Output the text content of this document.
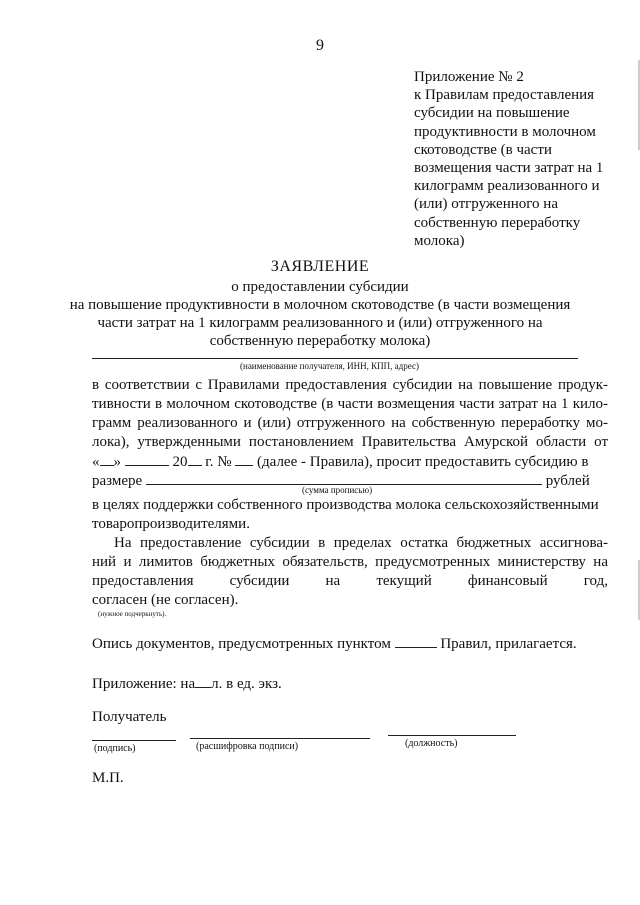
9
Приложение № 2
к Правилам предоставления
субсидии на повышение
продуктивности в молочном
скотоводстве (в части
возмещения части затрат на 1
килограмм реализованного и
(или) отгруженного на
собственную переработку
молока)
ЗАЯВЛЕНИЕ
о предоставлении субсидии
на повышение продуктивности в молочном скотоводстве (в части возмещения
части затрат на 1 килограмм реализованного и (или) отгруженного на
собственную переработку молока)
(наименование получателя, ИНН, КПП, адрес)
в соответствии с Правилами предоставления субсидии на повышение продук-
тивности в молочном скотоводстве (в части возмещения части затрат на 1 кило-
грамм реализованного и (или) отгруженного на собственную переработку мо-
лока), утвержденными постановлением Правительства Амурской области от
« »	20 г. № (далее - Правила), просит предоставить субсидию в
размере	рублей
(сумма прописью)
в целях поддержки собственного производства молока сельскохозяйственными
товаропроизводителями.
На предоставление субсидии в пределах остатка бюджетных ассигнова-
ний и лимитов бюджетных обязательств, предусмотренных министерству на
предоставления субсидии на текущий финансовый год,
согласен (не согласен).
(нужное подчеркнуть).
Опись документов, предусмотренных пунктом	Правил, прилагается.
Приложение: на л. в ед. экз.
Получатель
(подпись)	(расшифровка подписи)	(должность)
М.П.
